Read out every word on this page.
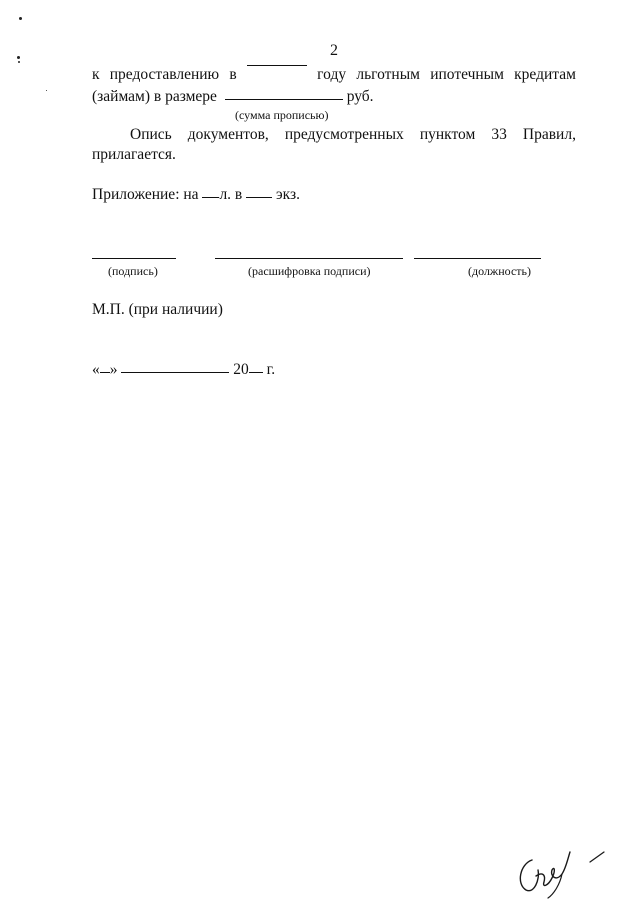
2
к предоставлению в	году льготным ипотечным кредитам
(займам) в размере	руб.
(сумма прописью)
Опись документов, предусмотренных пунктом 33 Правил,
прилагается.
Приложение: на л. в экз.
(подпись)	(расшифровка подписи)	(должность)
М.П. (при наличии)
« »	20 г.
